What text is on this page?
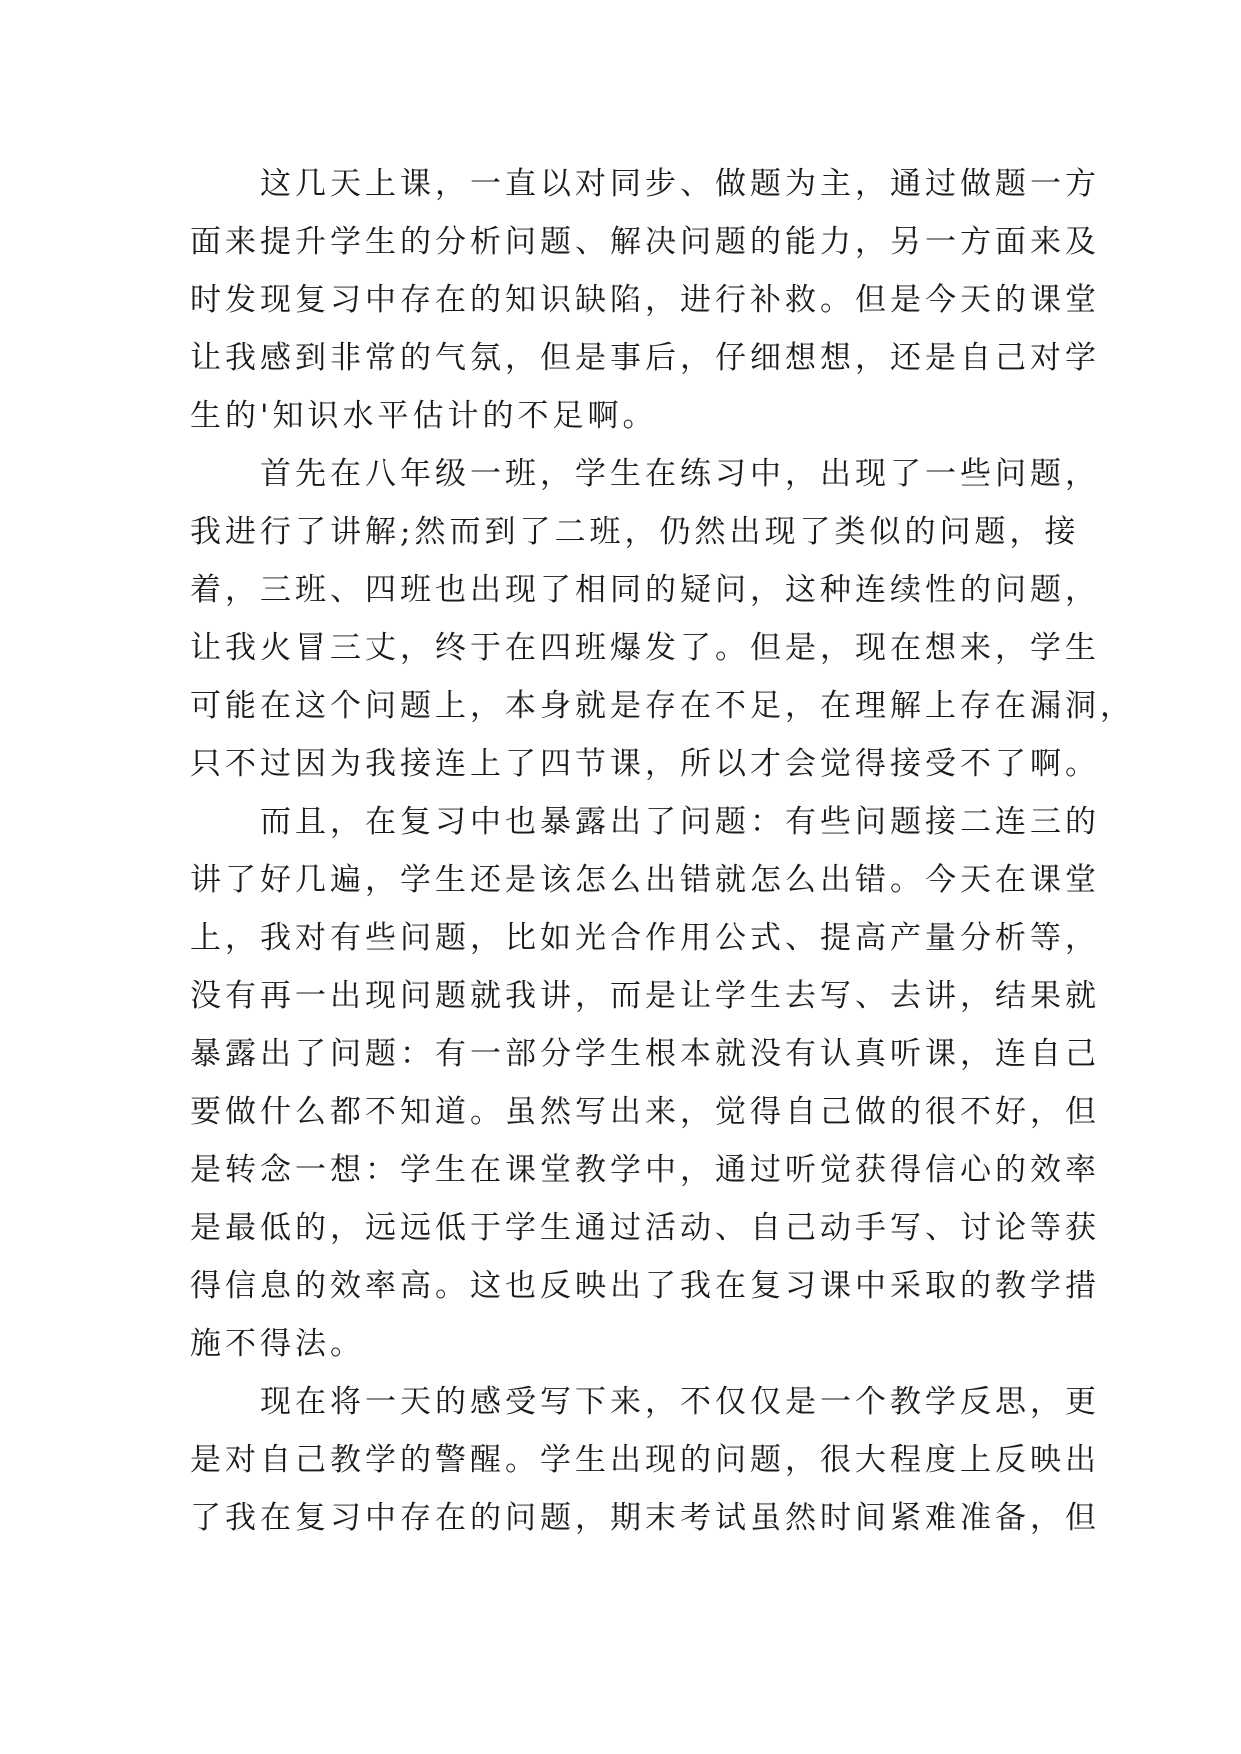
　　这几天上课，一直以对同步、做题为主，通过做题一方
面来提升学生的分析问题、解决问题的能力，另一方面来及
时发现复习中存在的知识缺陷，进行补救。但是今天的课堂
让我感到非常的气氛，但是事后，仔细想想，还是自己对学
生的'知识水平估计的不足啊。
　　首先在八年级一班，学生在练习中，出现了一些问题，
我进行了讲解;然而到了二班，仍然出现了类似的问题，接
着，三班、四班也出现了相同的疑问，这种连续性的问题，
让我火冒三丈，终于在四班爆发了。但是，现在想来，学生
可能在这个问题上，本身就是存在不足，在理解上存在漏洞，
只不过因为我接连上了四节课，所以才会觉得接受不了啊。
　　而且，在复习中也暴露出了问题：有些问题接二连三的
讲了好几遍，学生还是该怎么出错就怎么出错。今天在课堂
上，我对有些问题，比如光合作用公式、提高产量分析等，
没有再一出现问题就我讲，而是让学生去写、去讲，结果就
暴露出了问题：有一部分学生根本就没有认真听课，连自己
要做什么都不知道。虽然写出来，觉得自己做的很不好，但
是转念一想：学生在课堂教学中，通过听觉获得信心的效率
是最低的，远远低于学生通过活动、自己动手写、讨论等获
得信息的效率高。这也反映出了我在复习课中采取的教学措
施不得法。
　　现在将一天的感受写下来，不仅仅是一个教学反思，更
是对自己教学的警醒。学生出现的问题，很大程度上反映出
了我在复习中存在的问题，期末考试虽然时间紧难准备，但
